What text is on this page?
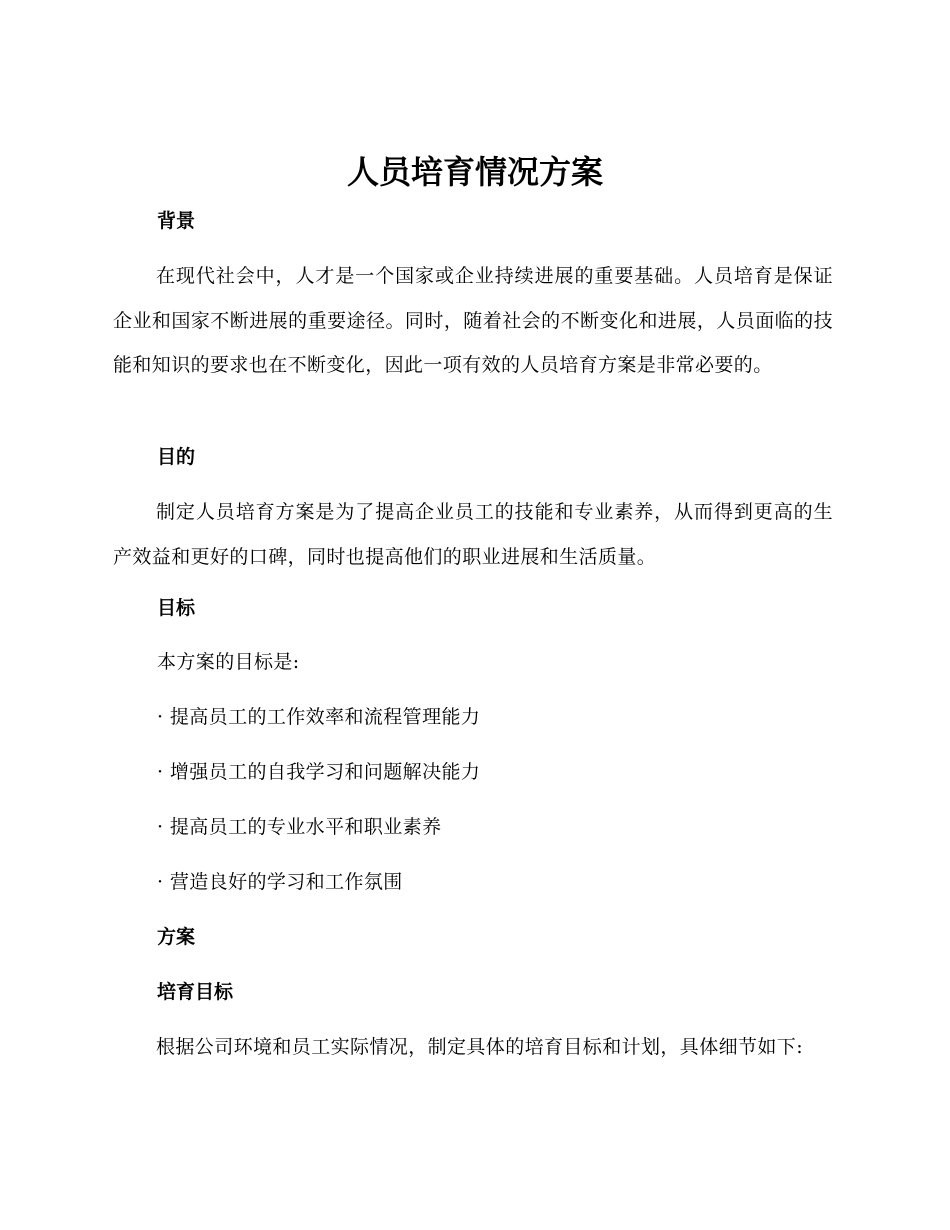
人员培育情况方案
背景

在现代社会中，人才是一个国家或企业持续进展的重要基础。人员培育是保证企业和国家不断进展的重要途径。同时，随着社会的不断变化和进展，人员面临的技能和知识的要求也在不断变化，因此一项有效的人员培育方案是非常必要的。

目的

制定人员培育方案是为了提高企业员工的技能和专业素养，从而得到更高的生产效益和更好的口碑，同时也提高他们的职业进展和生活质量。

目标

本方案的目标是:

· 提高员工的工作效率和流程管理能力

· 增强员工的自我学习和问题解决能力

· 提高员工的专业水平和职业素养

· 营造良好的学习和工作氛围

方案
培育目标

根据公司环境和员工实际情况，制定具体的培育目标和计划，具体细节如下:
